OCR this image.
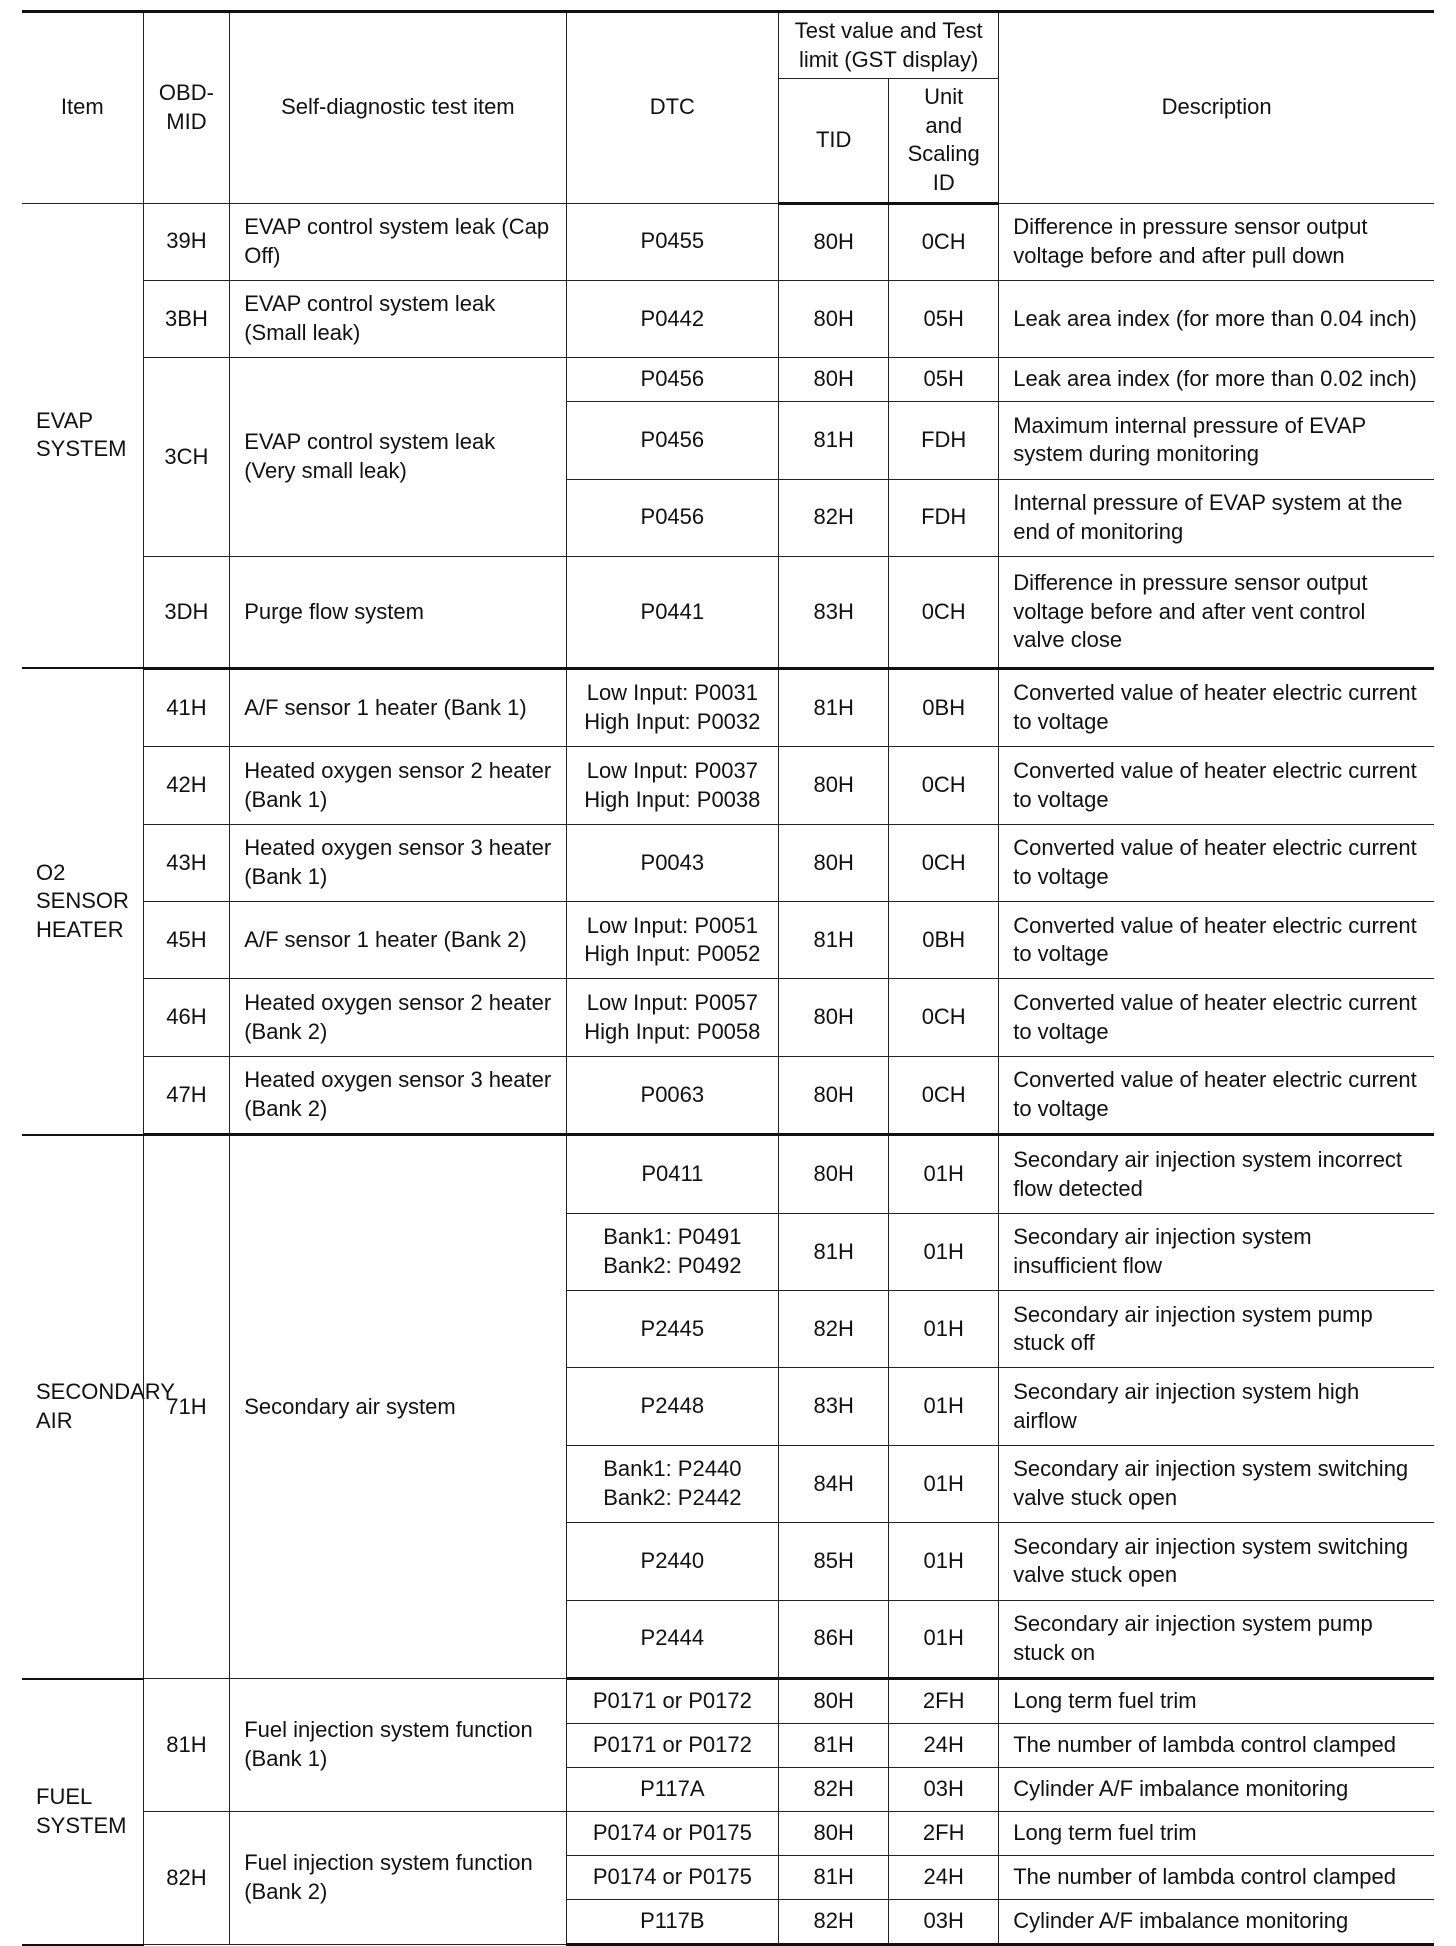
Item	OBD-MID	Self-diagnostic test item	DTC	Test value and Test limit (GST display)		Description
				TID	Unit and Scaling ID	
EVAP SYSTEM	39H	EVAP control system leak (Cap Off)	P0455	80H	0CH	Difference in pressure sensor output voltage before and after pull down
	3BH	EVAP control system leak (Small leak)	P0442	80H	05H	Leak area index (for more than 0.04 inch)
	3CH	EVAP control system leak (Very small leak)	P0456	80H	05H	Leak area index (for more than 0.02 inch)

			P0456	81H	FDH	Maximum internal pressure of EVAP system during monitoring

			P0456	82H	FDH	Internal pressure of EVAP system at the end of monitoring
	3DH	Purge flow system	P0441	83H	0CH	Difference in pressure sensor output voltage before and after vent control valve close
O2 SENSOR HEATER	41H	A/F sensor 1 heater (Bank 1)	Low Input: P0031
High Input: P0032	81H	0BH	Converted value of heater electric current to voltage
	42H	Heated oxygen sensor 2 heater (Bank 1)	Low Input: P0037
High Input: P0038	80H	0CH	Converted value of heater electric current to voltage
	43H	Heated oxygen sensor 3 heater (Bank 1)	P0043	80H	0CH	Converted value of heater electric current to voltage
	45H	A/F sensor 1 heater (Bank 2)	Low Input: P0051
High Input: P0052	81H	0BH	Converted value of heater electric current to voltage
	46H	Heated oxygen sensor 2 heater (Bank 2)	Low Input: P0057
High Input: P0058	80H	0CH	Converted value of heater electric current to voltage
	47H	Heated oxygen sensor 3 heater (Bank 2)	P0063	80H	0CH	Converted value of heater electric current to voltage
SECONDARY AIR	71H	Secondary air system	P0411	80H	01H	Secondary air injection system incorrect flow detected

			Bank1: P0491
Bank2: P0492	81H	01H	Secondary air injection system insufficient flow

			P2445	82H	01H	Secondary air injection system pump stuck off

			P2448	83H	01H	Secondary air injection system high airflow

			Bank1: P2440
Bank2: P2442	84H	01H	Secondary air injection system switching valve stuck open

			P2440	85H	01H	Secondary air injection system switching valve stuck open

			P2444	86H	01H	Secondary air injection system pump stuck on
FUEL SYSTEM	81H	Fuel injection system function (Bank 1)	P0171 or P0172	80H	2FH	Long term fuel trim

			P0171 or P0172	81H	24H	The number of lambda control clamped

			P117A	82H	03H	Cylinder A/F imbalance monitoring
	82H	Fuel injection system function (Bank 2)	P0174 or P0175	80H	2FH	Long term fuel trim

			P0174 or P0175	81H	24H	The number of lambda control clamped

			P117B	82H	03H	Cylinder A/F imbalance monitoring
